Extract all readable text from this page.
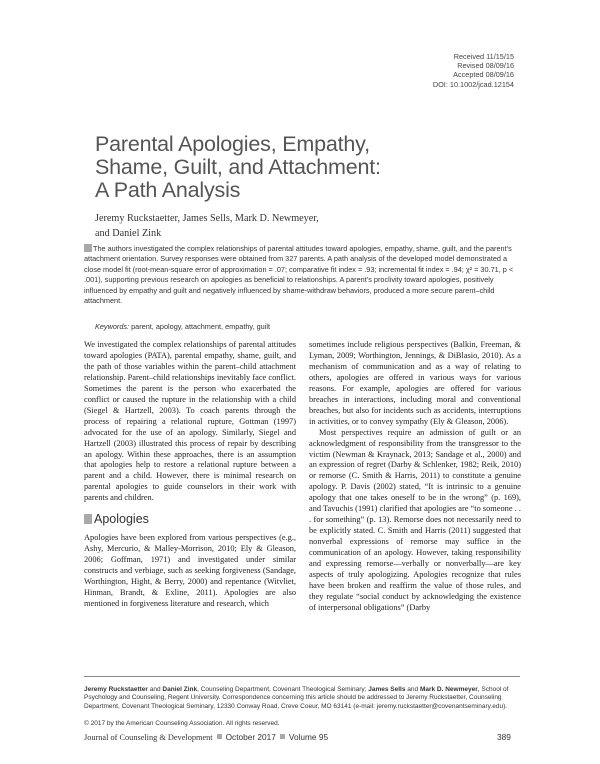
Received 11/15/15
Revised 08/09/16
Accepted 08/09/16
DOI: 10.1002/jcad.12154
Parental Apologies, Empathy,
Shame, Guilt, and Attachment:
A Path Analysis
Jeremy Ruckstaetter, James Sells, Mark D. Newmeyer,
and Daniel Zink
The authors investigated the complex relationships of parental attitudes toward apologies, empathy, shame, guilt, and the parent’s attachment orientation. Survey responses were obtained from 327 parents. A path analysis of the developed model demonstrated a close model fit (root-mean-square error of approximation = .07; comparative fit index = .93; incremental fit index = .94; χ² = 30.71, p < .001), supporting previous research on apologies as beneficial to relationships. A parent’s proclivity toward apologies, positively influenced by empathy and guilt and negatively influenced by shame-withdraw behaviors, produced a more secure parent–child attachment.
Keywords: parent, apology, attachment, empathy, guilt

We investigated the complex relationships of parental attitudes toward apologies (PATA), parental empathy, shame, guilt, and the path of those variables within the parent–child attachment relationship. Parent–child relationships inevitably face conflict. Sometimes the parent is the person who exacerbated the conflict or caused the rupture in the relationship with a child (Siegel & Hartzell, 2003). To coach parents through the process of repairing a relational rupture, Gottman (1997) advocated for the use of an apology. Similarly, Siegel and Hartzell (2003) illustrated this process of repair by describing an apology. Within these approaches, there is an assumption that apologies help to restore a relational rupture between a parent and a child. However, there is minimal research on parental apologies to guide counselors in their work with parents and children.

Apologies

Apologies have been explored from various perspectives (e.g., Ashy, Mercurio, & Malley-Morrison, 2010; Ely & Gleason, 2006; Goffman, 1971) and investigated under similar constructs and verbiage, such as seeking forgiveness (Sandage, Worthington, Hight, & Berry, 2000) and repentance (Witvliet, Hinman, Brandt, & Exline, 2011). Apologies are also mentioned in forgiveness literature and research, which

sometimes include religious perspectives (Balkin, Freeman, & Lyman, 2009; Worthington, Jennings, & DiBlasio, 2010). As a mechanism of communication and as a way of relating to others, apologies are offered in various ways for various reasons. For example, apologies are offered for various breaches in interactions, including moral and conventional breaches, but also for incidents such as accidents, interruptions in activities, or to convey sympathy (Ely & Gleason, 2006).

Most perspectives require an admission of guilt or an acknowledgment of responsibility from the transgressor to the victim (Newman & Kraynack, 2013; Sandage et al., 2000) and an expression of regret (Darby & Schlenker, 1982; Reik, 2010) or remorse (C. Smith & Harris, 2011) to constitute a genuine apology. P. Davis (2002) stated, “It is intrinsic to a genuine apology that one takes oneself to be in the wrong” (p. 169), and Tavuchis (1991) clarified that apologies are “to someone . . . for something” (p. 13). Remorse does not necessarily need to be explicitly stated. C. Smith and Harris (2011) suggested that nonverbal expressions of remorse may suffice in the communication of an apology. However, taking responsibility and expressing remorse—verbally or nonverbally—are key aspects of truly apologizing. Apologies recognize that rules have been broken and reaffirm the value of those rules, and they regulate “social conduct by acknowledging the existence of interpersonal obligations” (Darby

Jeremy Ruckstaetter and Daniel Zink, Counseling Department, Covenant Theological Seminary; James Sells and Mark D. Newmeyer, School of Psychology and Counseling, Regent University. Correspondence concerning this article should be addressed to Jeremy Ruckstaetter, Counseling Department, Covenant Theological Seminary, 12330 Conway Road, Creve Coeur, MO 63141 (e-mail: jeremy.ruckstaetter@covenantseminary.edu).
© 2017 by the American Counseling Association. All rights reserved.
Journal of Counseling & Development October 2017 Volume 95	389
